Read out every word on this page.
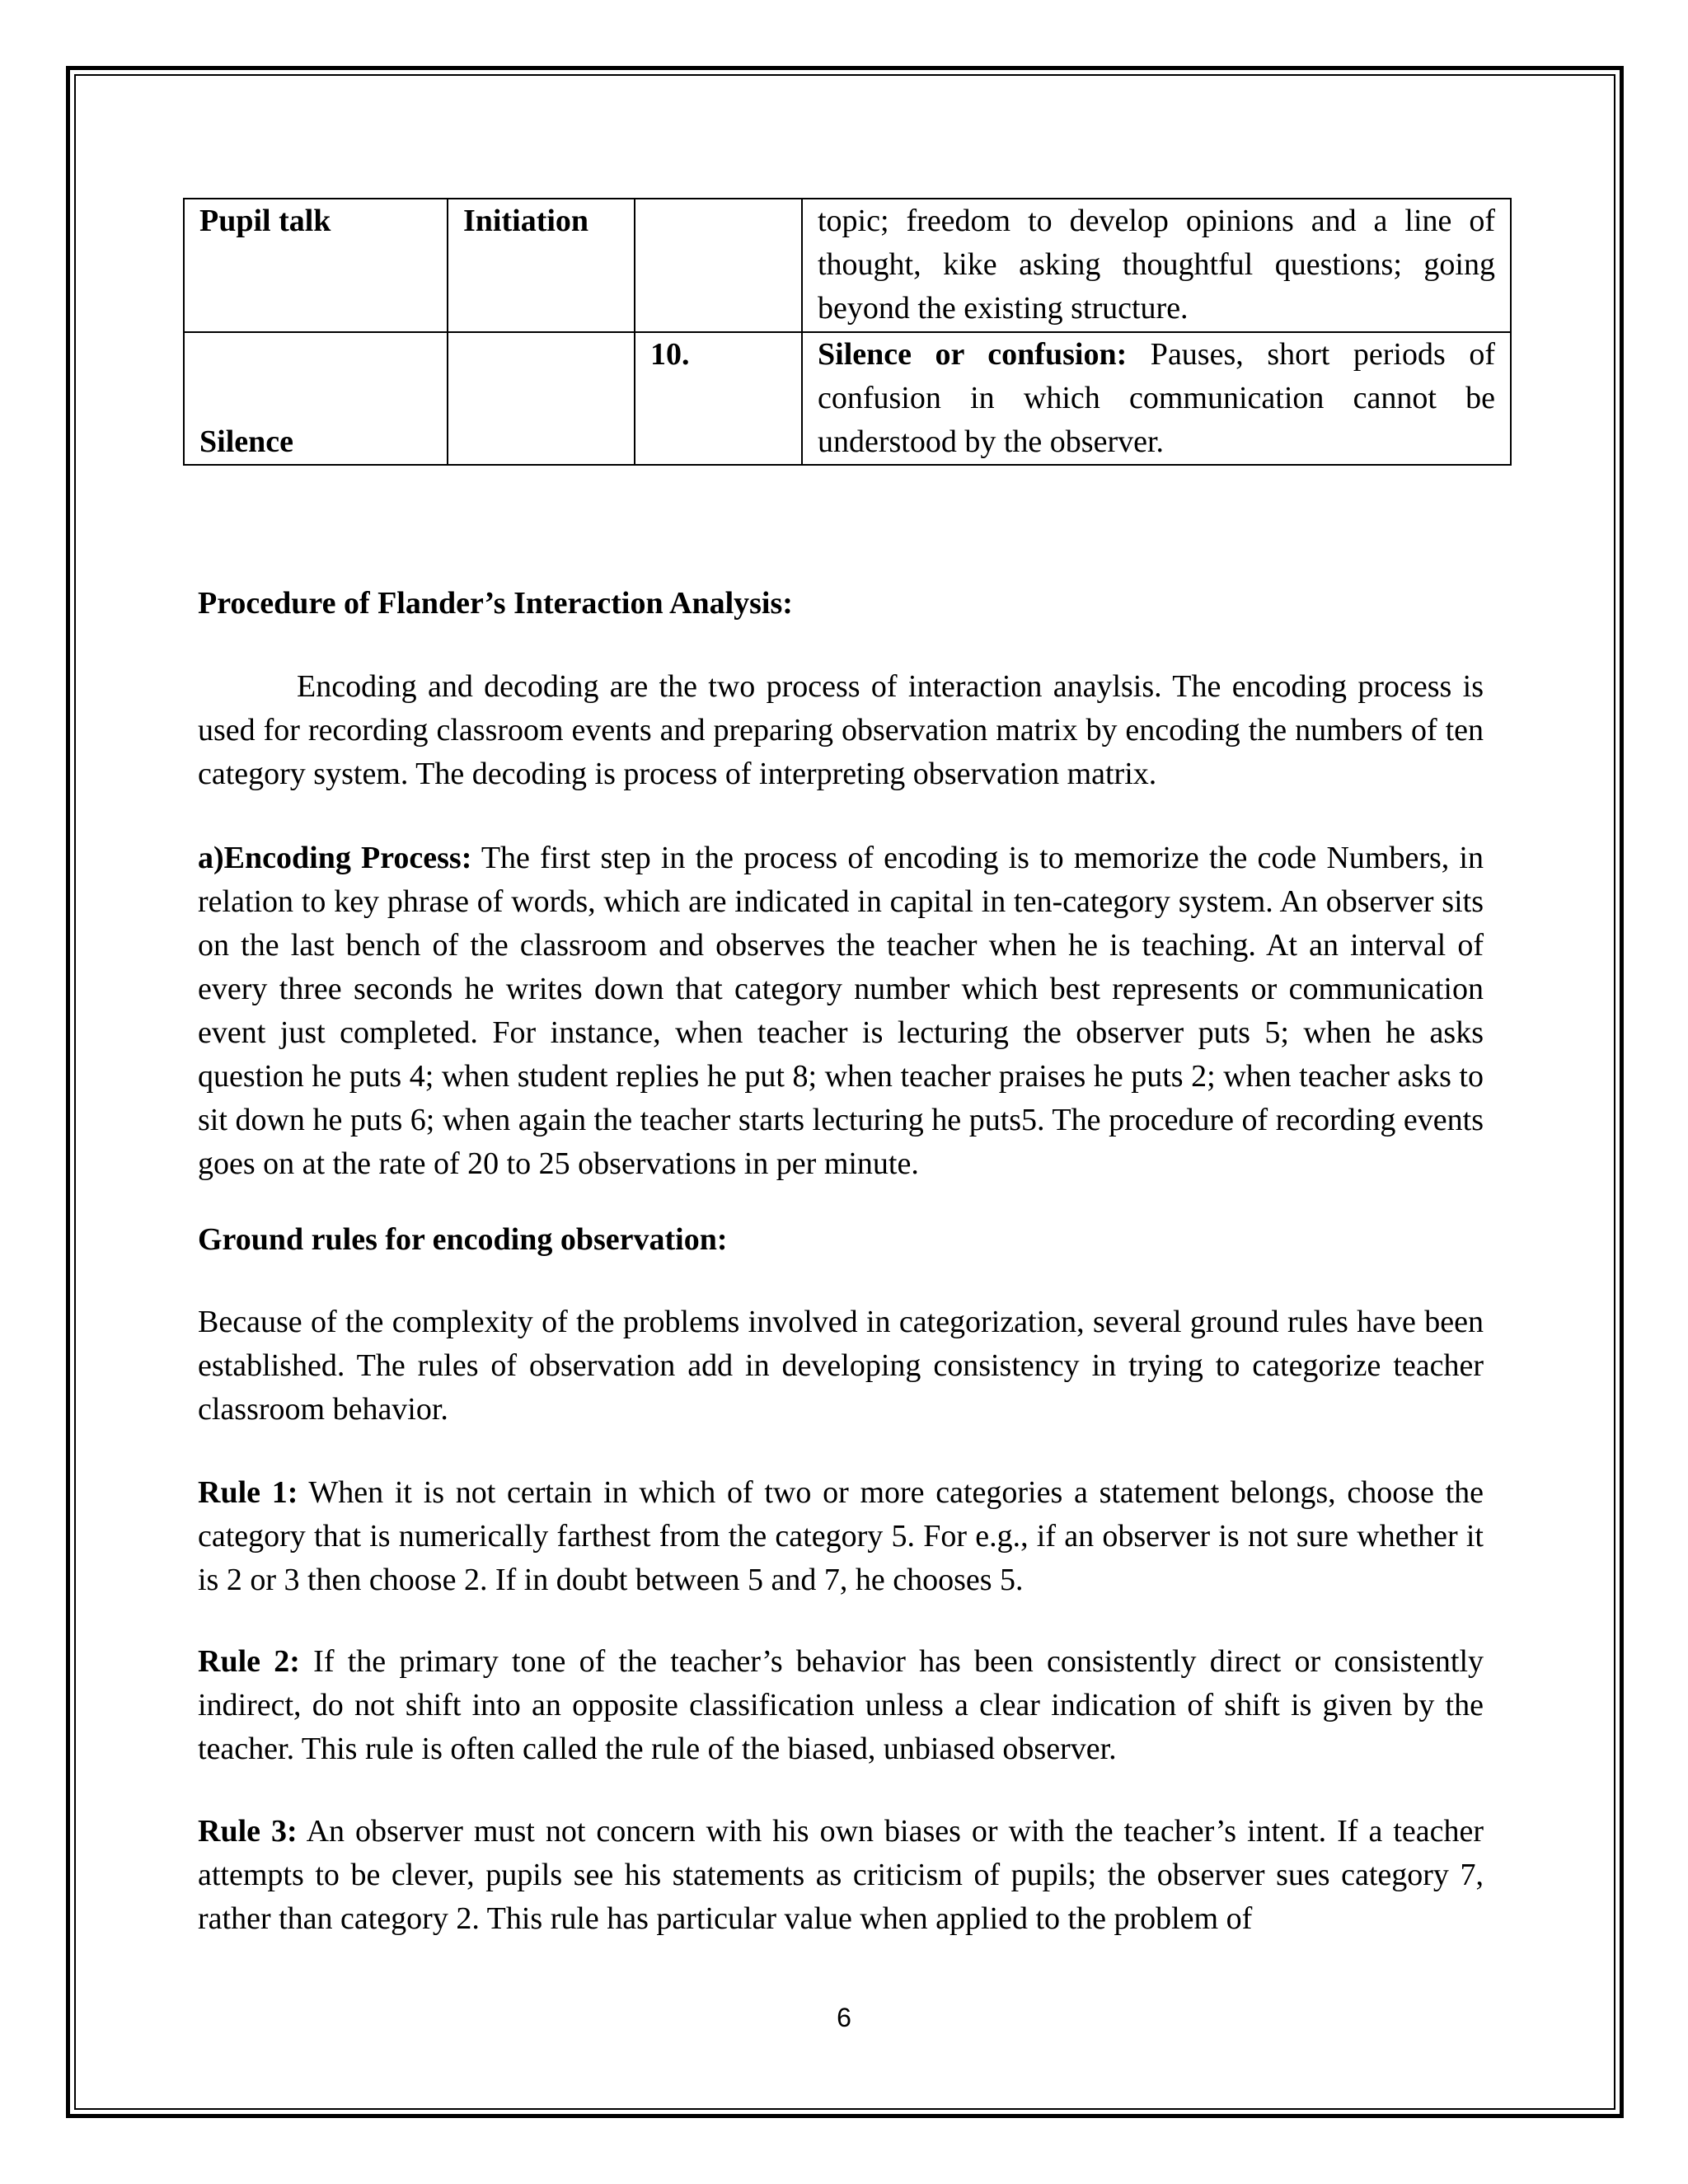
Pupil talk	Initiation		topic; freedom to develop opinions and a line of thought, kike asking thoughtful questions; going beyond the existing structure.
Silence		10.	Silence or confusion: Pauses, short periods of confusion in which communication cannot be understood by the observer.
Procedure of Flander’s Interaction Analysis:
Encoding and decoding are the two process of interaction anaylsis. The encoding process is used for recording classroom events and preparing observation matrix by encoding the numbers of ten category system. The decoding is process of interpreting observation matrix.
a)Encoding Process: The first step in the process of encoding is to memorize the code Numbers, in relation to key phrase of words, which are indicated in capital in ten-category system. An observer sits on the last bench of the classroom and observes the teacher when he is teaching. At an interval of every three seconds he writes down that category number which best represents or communication event just completed. For instance, when teacher is lecturing the observer puts 5; when he asks question he puts 4; when student replies he put 8; when teacher praises he puts 2; when teacher asks to sit down he puts 6; when again the teacher starts lecturing he puts5. The procedure of recording events goes on at the rate of 20 to 25 observations in per minute.
Ground rules for encoding observation:
Because of the complexity of the problems involved in categorization, several ground rules have been established. The rules of observation add in developing consistency in trying to categorize teacher classroom behavior.
Rule 1: When it is not certain in which of two or more categories a statement belongs, choose the category that is numerically farthest from the category 5. For e.g., if an observer is not sure whether it is 2 or 3 then choose 2. If in doubt between 5 and 7, he chooses 5.
Rule 2: If the primary tone of the teacher’s behavior has been consistently direct or consistently indirect, do not shift into an opposite classification unless a clear indication of shift is given by the teacher. This rule is often called the rule of the biased, unbiased observer.
Rule 3: An observer must not concern with his own biases or with the teacher’s intent. If a teacher attempts to be clever, pupils see his statements as criticism of pupils; the observer sues category 7, rather than category 2. This rule has particular value when applied to the problem of
6
